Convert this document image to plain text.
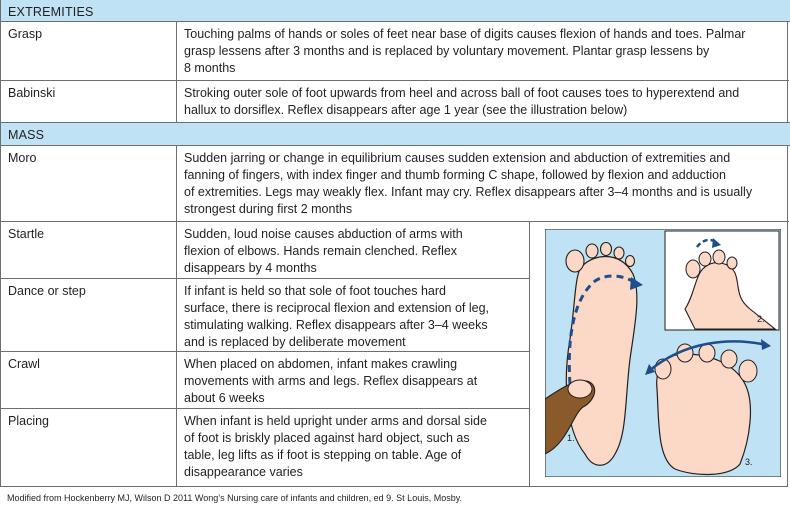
EXTREMITIES
Grasp	Touching palms of hands or soles of feet near base of digits causes flexion of hands and toes. Palmar
grasp lessens after 3 months and is replaced by voluntary movement. Plantar grasp lessens by
8 months
Babinski	Stroking outer sole of foot upwards from heel and across ball of foot causes toes to hyperextend and
hallux to dorsiflex. Reflex disappears after age 1 year (see the illustration below)
MASS
Moro	Sudden jarring or change in equilibrium causes sudden extension and abduction of extremities and
fanning of fingers, with index finger and thumb forming C shape, followed by flexion and adduction
of extremities. Legs may weakly flex. Infant may cry. Reflex disappears after 3–4 months and is usually
strongest during first 2 months
Startle	Sudden, loud noise causes abduction of arms with
flexion of elbows. Hands remain clenched. Reflex
disappears by 4 months
Dance or step	If infant is held so that sole of foot touches hard
surface, there is reciprocal flexion and extension of leg,
stimulating walking. Reflex disappears after 3–4 weeks
and is replaced by deliberate movement
Crawl	When placed on abdomen, infant makes crawling
movements with arms and legs. Reflex disappears at
about 6 weeks
Placing	When infant is held upright under arms and dorsal side
of foot is briskly placed against hard object, such as
table, leg lifts as if foot is stepping on table. Age of
disappearance varies
1.
2.
3.
Modified from Hockenberry MJ, Wilson D 2011 Wong’s Nursing care of infants and children, ed 9. St Louis, Mosby.
